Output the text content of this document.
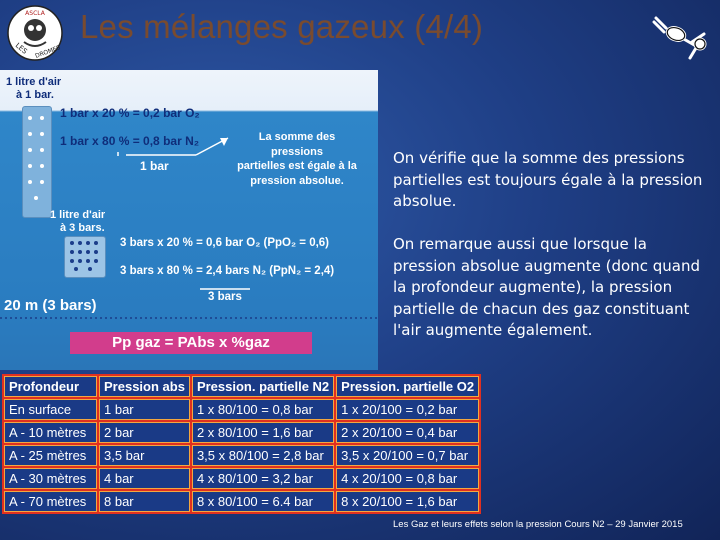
ASCLA
LES DROMES
Les mélanges gazeux (4/4)
1 litre d'air
à 1 bar.
1 bar x 20 % = 0,2 bar O₂
1 bar x 80 % = 0,8 bar N₂
1 bar
La somme des pressions
partielles est égale à la
pression absolue.
1 litre d'air
à 3 bars.
3 bars x 20 % = 0,6 bar O₂ (PpO₂ = 0,6)
3 bars x 80 % = 2,4 bars N₂ (PpN₂ = 2,4)
3 bars
20 m (3 bars)
Pp gaz = PAbs x %gaz
On vérifie que la somme des pressions partielles est toujours égale à la pression absolue.
On remarque aussi que lorsque la pression absolue augmente (donc quand la profondeur augmente), la pression partielle de chacun des gaz constituant l'air augmente également.
Profondeur	Pression abs	Pression. partielle N2	Pression. partielle O2
En surface	1 bar	1 x 80/100 = 0,8 bar	1 x 20/100 = 0,2 bar
A - 10 mètres	2 bar	2 x 80/100 = 1,6 bar	2 x 20/100 = 0,4 bar
A - 25 mètres	3,5 bar	3,5 x 80/100 = 2,8 bar	3,5 x 20/100 = 0,7 bar
A - 30 mètres	4 bar	4 x 80/100 = 3,2 bar	4 x 20/100 = 0,8 bar
A - 70 mètres	8 bar	8 x 80/100 = 6.4 bar	8 x 20/100 = 1,6 bar
Les Gaz et leurs effets selon la pression Cours N2 – 29 Janvier 2015
